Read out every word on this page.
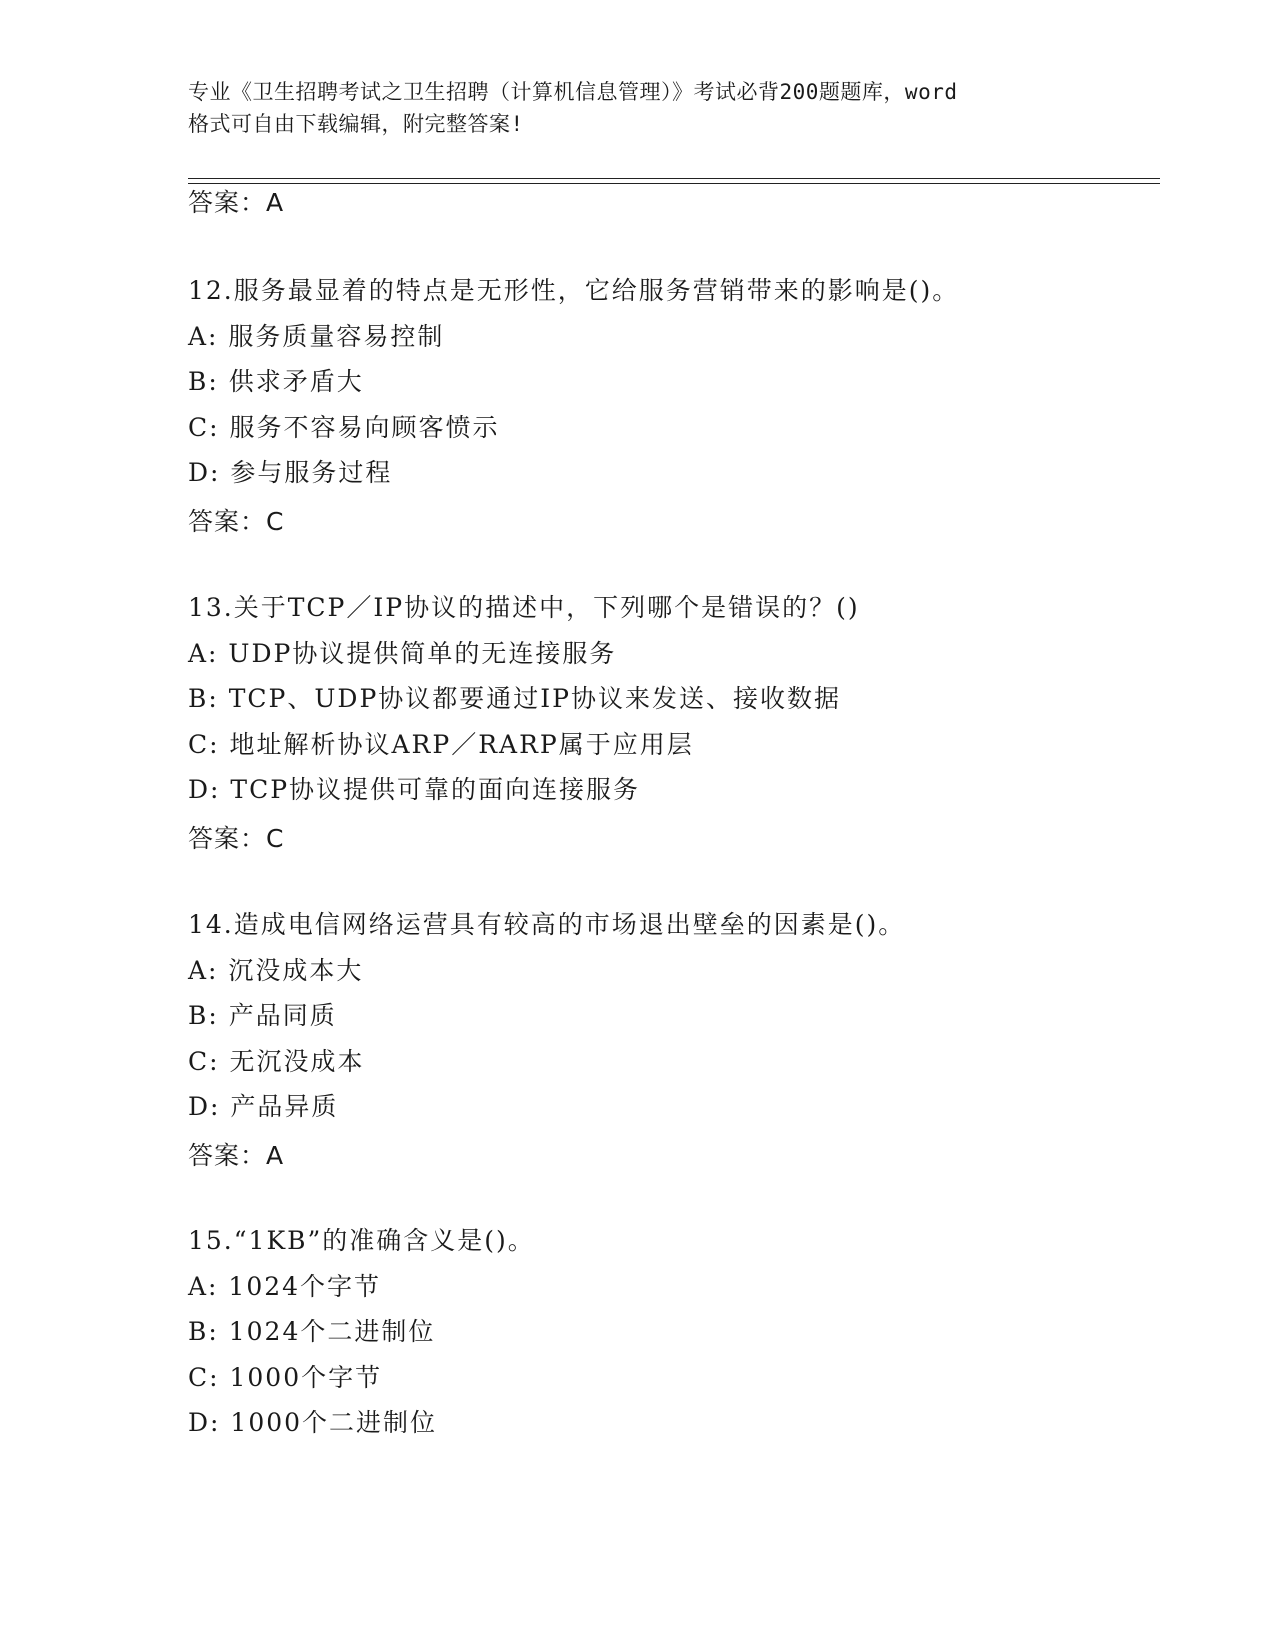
专业《卫生招聘考试之卫生招聘（计算机信息管理）》考试必背200题题库，word
格式可自由下载编辑，附完整答案!
答案：A
12.服务最显着的特点是无形性，它给服务营销带来的影响是()。
A: 服务质量容易控制
B: 供求矛盾大
C: 服务不容易向顾客愤示
D: 参与服务过程
答案：C
13.关于TCP／IP协议的描述中，下列哪个是错误的？()
A: UDP协议提供简单的无连接服务
B: TCP、UDP协议都要通过IP协议来发送、接收数据
C: 地址解析协议ARP／RARP属于应用层
D: TCP协议提供可靠的面向连接服务
答案：C
14.造成电信网络运营具有较高的市场退出壁垒的因素是()。
A: 沉没成本大
B: 产品同质
C: 无沉没成本
D: 产品异质
答案：A
15.“1KB”的准确含义是()。
A: 1024个字节
B: 1024个二进制位
C: 1000个字节
D: 1000个二进制位
